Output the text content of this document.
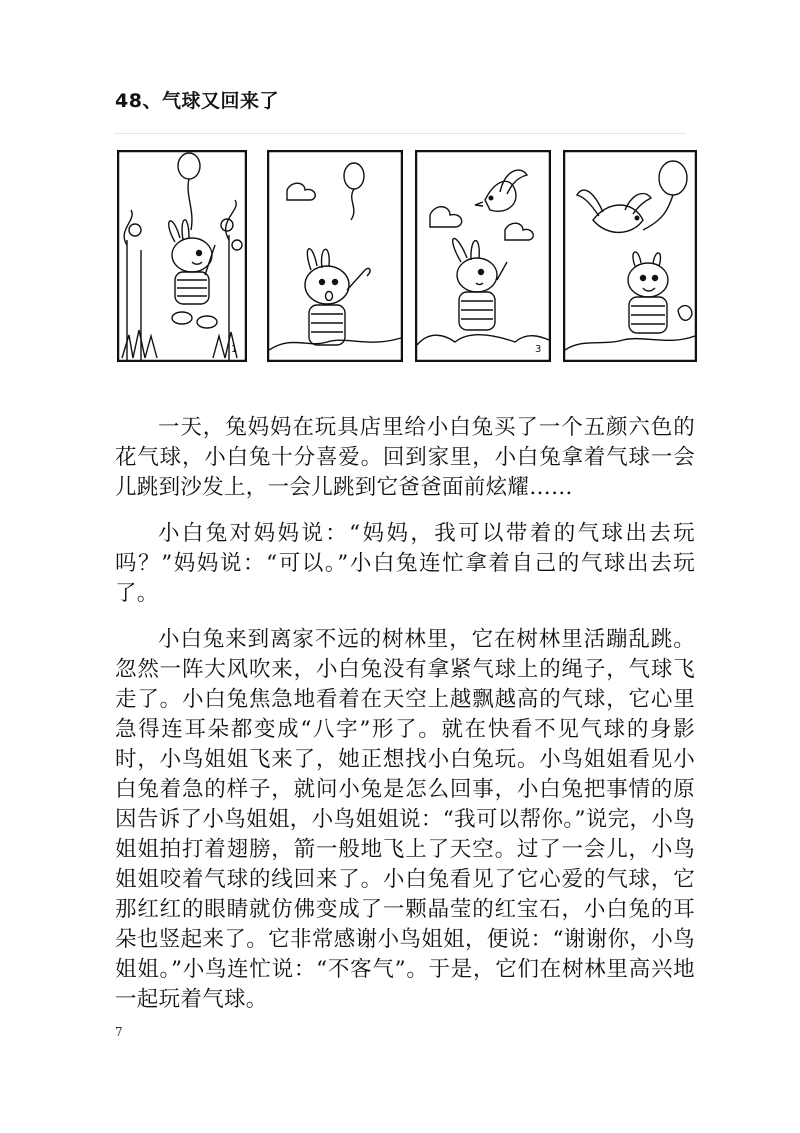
48、气球又回来了
1	3

一天，兔妈妈在玩具店里给小白兔买了一个五颜六色的花气球，小白兔十分喜爱。回到家里，小白兔拿着气球一会儿跳到沙发上，一会儿跳到它爸爸面前炫耀……

小白兔对妈妈说：“妈妈，我可以带着的气球出去玩吗？”妈妈说：“可以。”小白兔连忙拿着自己的气球出去玩了。

小白兔来到离家不远的树林里，它在树林里活蹦乱跳。忽然一阵大风吹来，小白兔没有拿紧气球上的绳子，气球飞走了。小白兔焦急地看着在天空上越飘越高的气球，它心里急得连耳朵都变成“八字”形了。就在快看不见气球的身影时，小鸟姐姐飞来了，她正想找小白兔玩。小鸟姐姐看见小白兔着急的样子，就问小兔是怎么回事，小白兔把事情的原因告诉了小鸟姐姐，小鸟姐姐说：“我可以帮你。”说完，小鸟姐姐拍打着翅膀，箭一般地飞上了天空。过了一会儿，小鸟姐姐咬着气球的线回来了。小白兔看见了它心爱的气球，它那红红的眼睛就仿佛变成了一颗晶莹的红宝石，小白兔的耳朵也竖起来了。它非常感谢小鸟姐姐，便说：“谢谢你，小鸟姐姐。”小鸟连忙说：“不客气”。于是，它们在树林里高兴地一起玩着气球。

7
